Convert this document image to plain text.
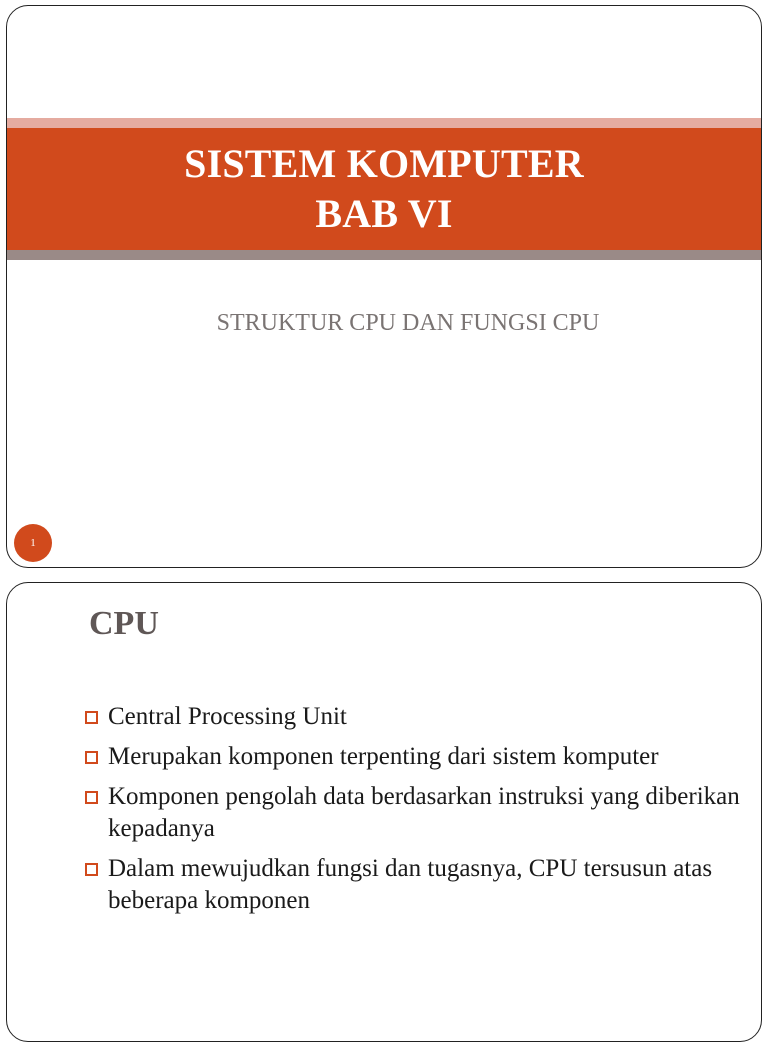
SISTEM KOMPUTER
BAB VI
STRUKTUR CPU DAN FUNGSI CPU
1
CPU
Central Processing Unit
Merupakan komponen terpenting dari sistem komputer
Komponen pengolah data berdasarkan instruksi yang diberikan kepadanya
Dalam mewujudkan fungsi dan tugasnya, CPU tersusun atas beberapa komponen
